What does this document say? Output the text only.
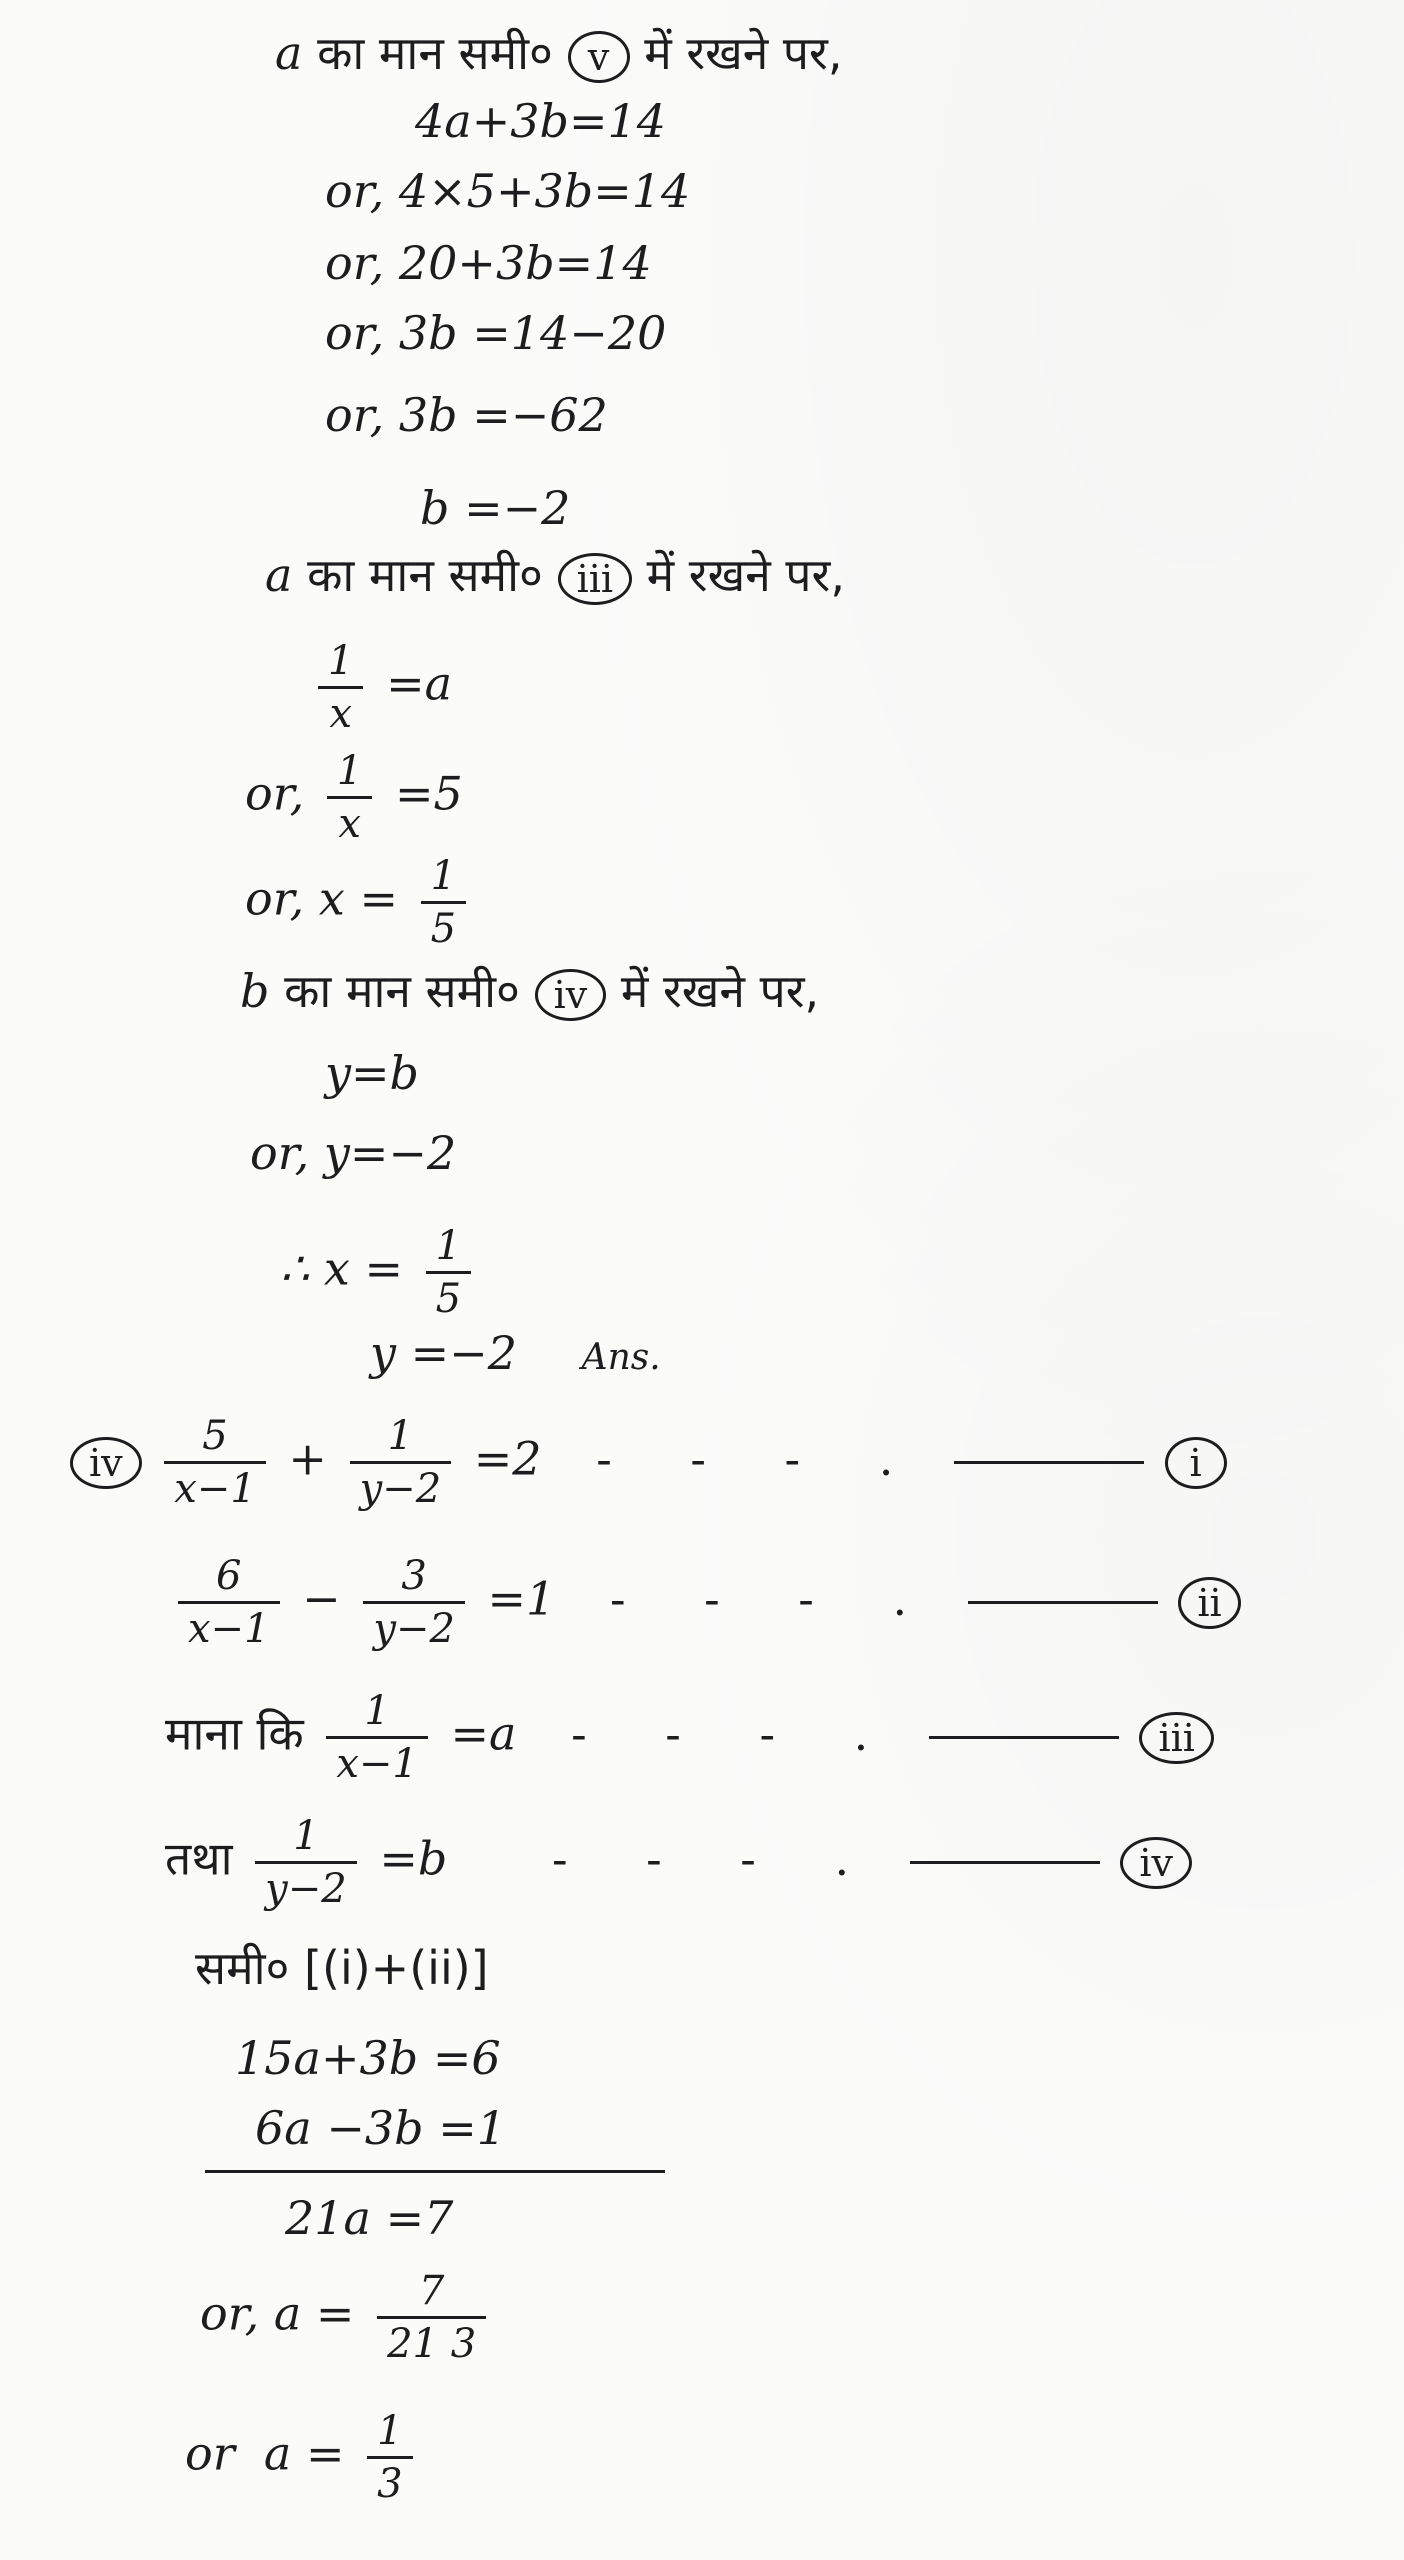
a का मान समी० v में रखने पर,
4a+3b=14
or, 4×5+3b=14
or, 20+3b=14
or, 3b =14−20
or, 3b =−62
b =−2
a का मान समी० iii में रखने पर,
$\frac{1}{x} =a$
or, $\frac{1}{x} =5$
or, $x = \frac{1}{5}$
b का मान समी० iv में रखने पर,
y=b
or, y=−2
∴ $x = \frac{1}{5}$
y =−2 Ans.
iv $\frac{5}{x-1} + \frac{1}{y-2} =2$ - - - .	i
$\frac{6}{x-1} - \frac{3}{y-2} =1$ - - - .	ii
माना कि $\frac{1}{x-1} =a$ - - - .	iii
तथा $\frac{1}{y-2} =b$ - - - .	iv
समी० [(i)+(ii)]
15a+3b =6
6a −3b =1
21a =7
or, $a = \frac{7}{21 3}$
or  $a = \frac{1}{3}$
